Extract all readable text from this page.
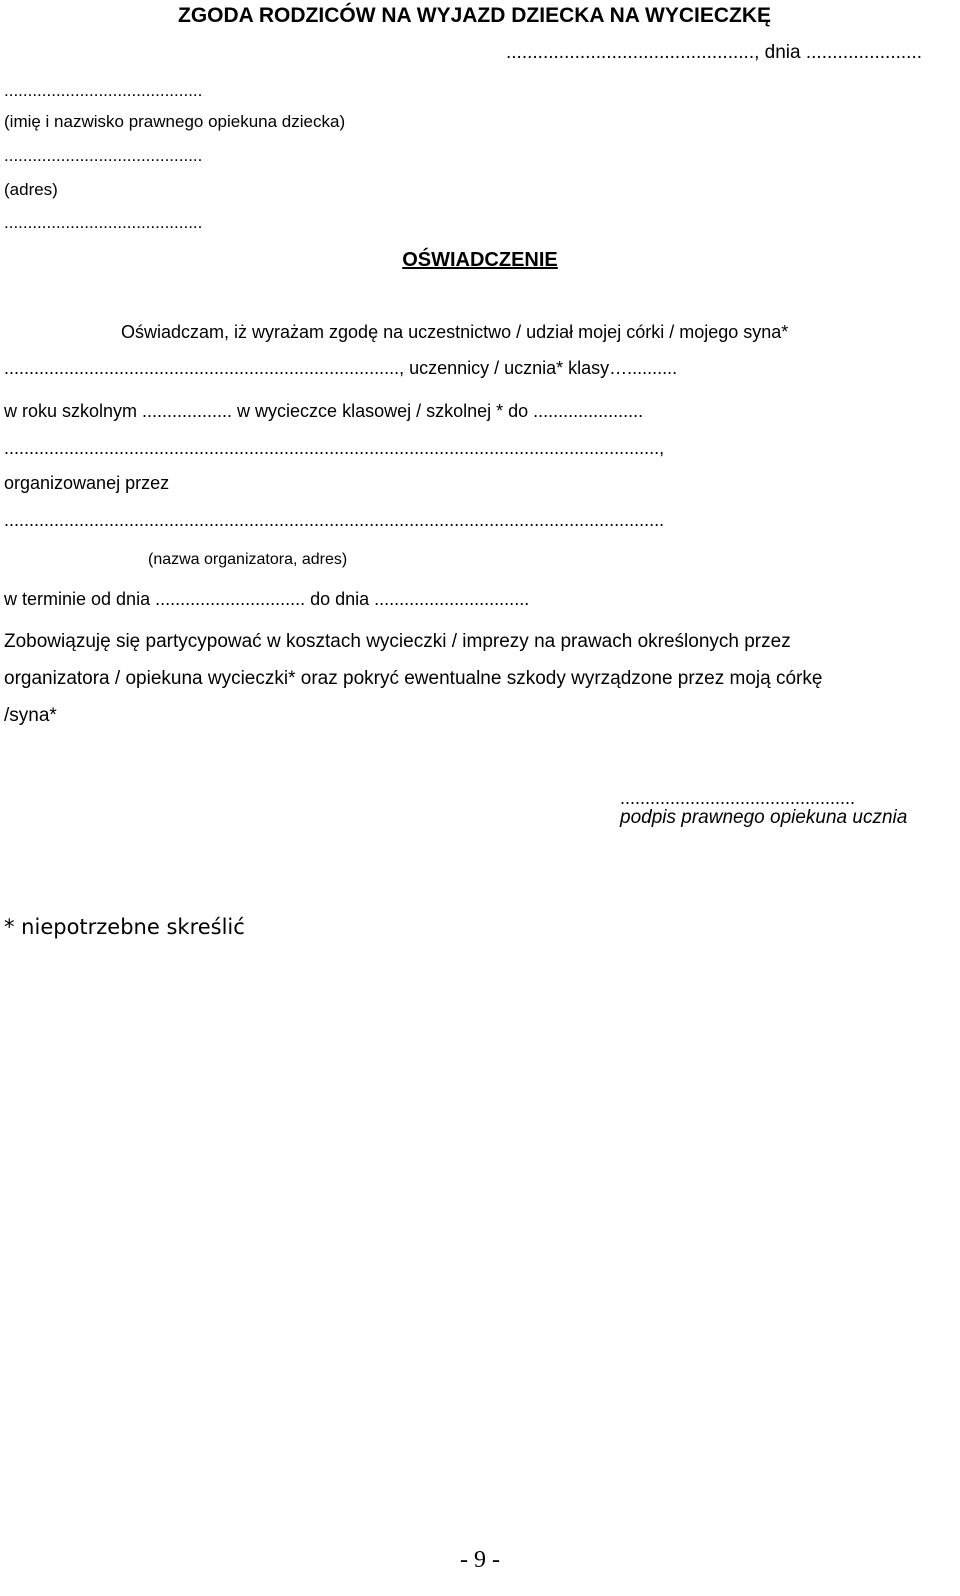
ZGODA RODZICÓW NA WYJAZD DZIECKA NA WYCIECZKĘ
..............................................., dnia ......................
..........................................
(imię i nazwisko prawnego opiekuna dziecka)
..........................................
(adres)
..........................................
OŚWIADCZENIE
Oświadczam, iż wyrażam zgodę na uczestnictwo / udział mojej córki / mojego syna*
..............................................................................., uczennicy / ucznia* klasy…..........
w roku szkolnym .................. w wycieczce klasowej / szkolnej * do ......................
...................................................................................................................................,
organizowanej przez
....................................................................................................................................
(nazwa organizatora, adres)
w terminie od dnia .............................. do dnia ...............................
Zobowiązuję się partycypować w kosztach wycieczki / imprezy na prawach określonych przez
organizatora / opiekuna wycieczki* oraz pokryć ewentualne szkody wyrządzone przez moją córkę
/syna*
...............................................
podpis prawnego opiekuna ucznia
* niepotrzebne skreślić
- 9 -
